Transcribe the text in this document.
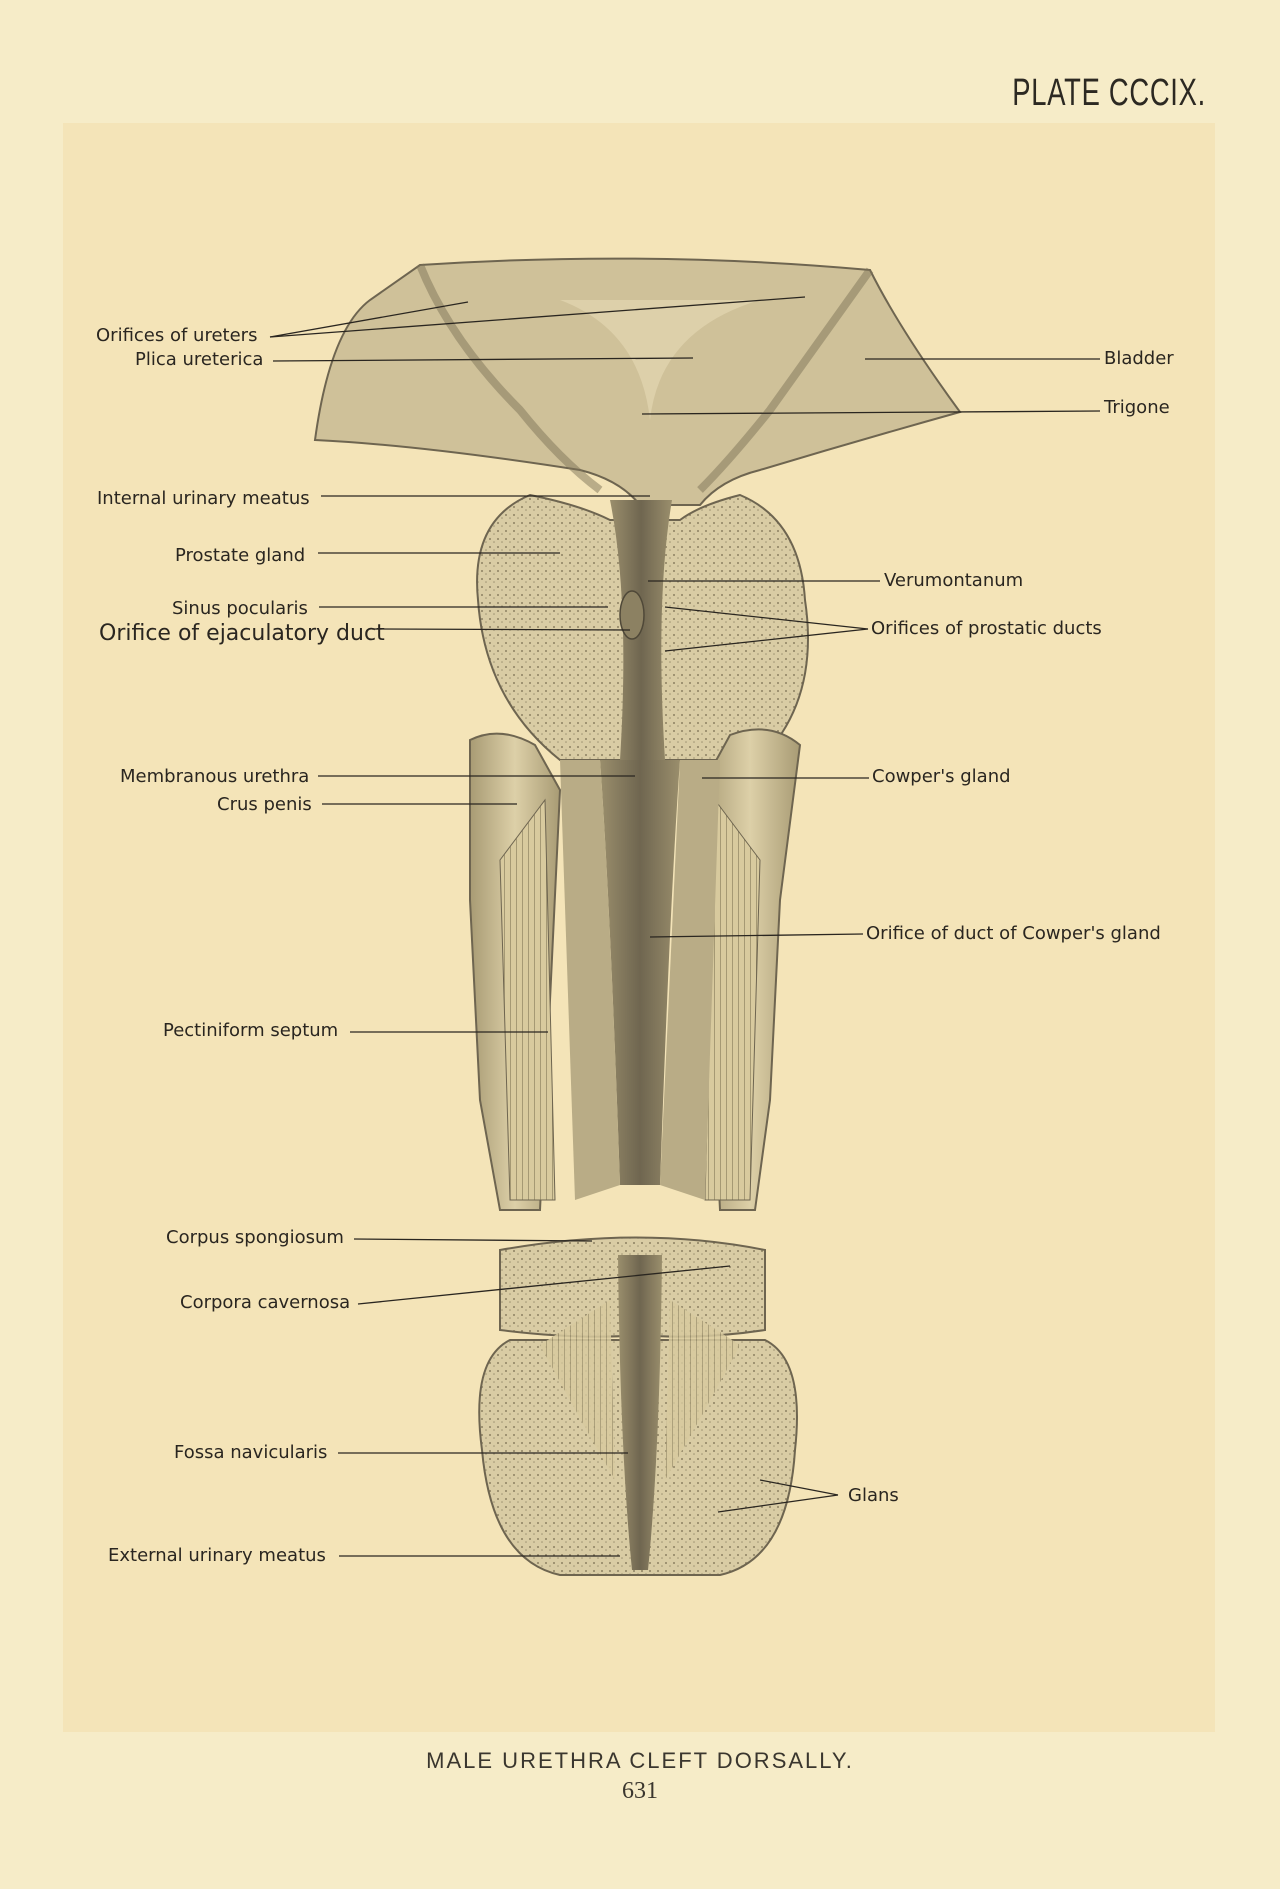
PLATE CCCIX.
Orifices of ureters
Plica ureterica
Internal urinary meatus
Prostate gland
Sinus pocularis
Orifice of ejaculatory duct
Membranous urethra
Crus penis
Pectiniform septum
Corpus spongiosum
Corpora cavernosa
Fossa navicularis
External urinary meatus
Bladder
Trigone
Verumontanum
Orifices of prostatic ducts
Cowper's gland
Orifice of duct of Cowper's gland
Glans
MALE URETHRA CLEFT DORSALLY.
631
